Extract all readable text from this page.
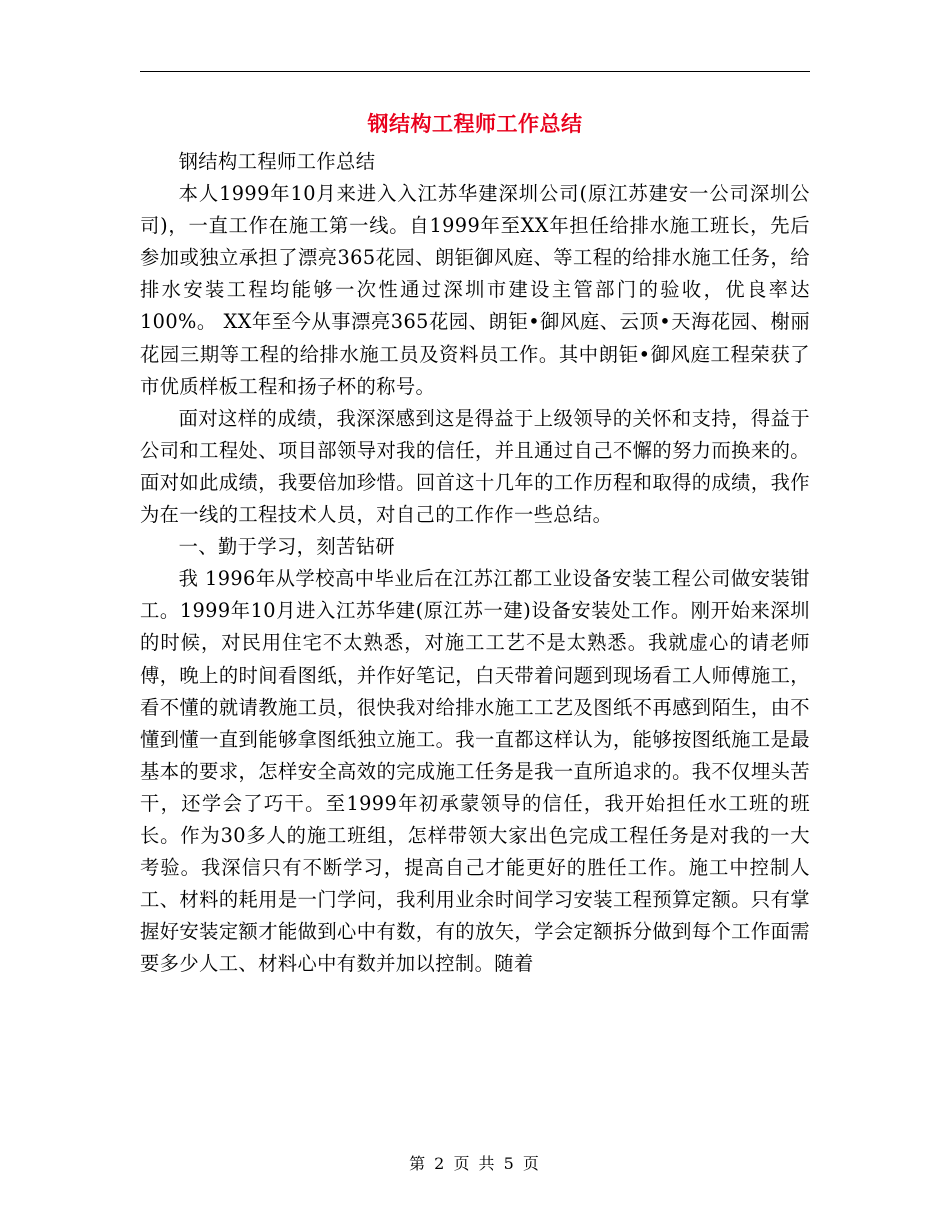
钢结构工程师工作总结

钢结构工程师工作总结

本人1999年10月来进入入江苏华建深圳公司(原江苏建安一公司深圳公司)，一直工作在施工第一线。自1999年至XX年担任给排水施工班长，先后参加或独立承担了漂亮365花园、朗钜御风庭、等工程的给排水施工任务，给排水安装工程均能够一次性通过深圳市建设主管部门的验收，优良率达100%。 XX年至今从事漂亮365花园、朗钜•御风庭、云顶•天海花园、榭丽花园三期等工程的给排水施工员及资料员工作。其中朗钜•御风庭工程荣获了市优质样板工程和扬子杯的称号。

面对这样的成绩，我深深感到这是得益于上级领导的关怀和支持，得益于公司和工程处、项目部领导对我的信任，并且通过自己不懈的努力而换来的。面对如此成绩，我要倍加珍惜。回首这十几年的工作历程和取得的成绩，我作为在一线的工程技术人员，对自己的工作作一些总结。

一、勤于学习，刻苦钻研

我 1996年从学校高中毕业后在江苏江都工业设备安装工程公司做安装钳工。1999年10月进入江苏华建(原江苏一建)设备安装处工作。刚开始来深圳的时候，对民用住宅不太熟悉，对施工工艺不是太熟悉。我就虚心的请老师傅，晚上的时间看图纸，并作好笔记，白天带着问题到现场看工人师傅施工，看不懂的就请教施工员，很快我对给排水施工工艺及图纸不再感到陌生，由不懂到懂一直到能够拿图纸独立施工。我一直都这样认为，能够按图纸施工是最基本的要求，怎样安全高效的完成施工任务是我一直所追求的。我不仅埋头苦干，还学会了巧干。至1999年初承蒙领导的信任，我开始担任水工班的班长。作为30多人的施工班组，怎样带领大家出色完成工程任务是对我的一大考验。我深信只有不断学习，提高自己才能更好的胜任工作。施工中控制人工、材料的耗用是一门学问，我利用业余时间学习安装工程预算定额。只有掌握好安装定额才能做到心中有数，有的放矢，学会定额拆分做到每个工作面需要多少人工、材料心中有数并加以控制。随着

第 2 页 共 5 页
